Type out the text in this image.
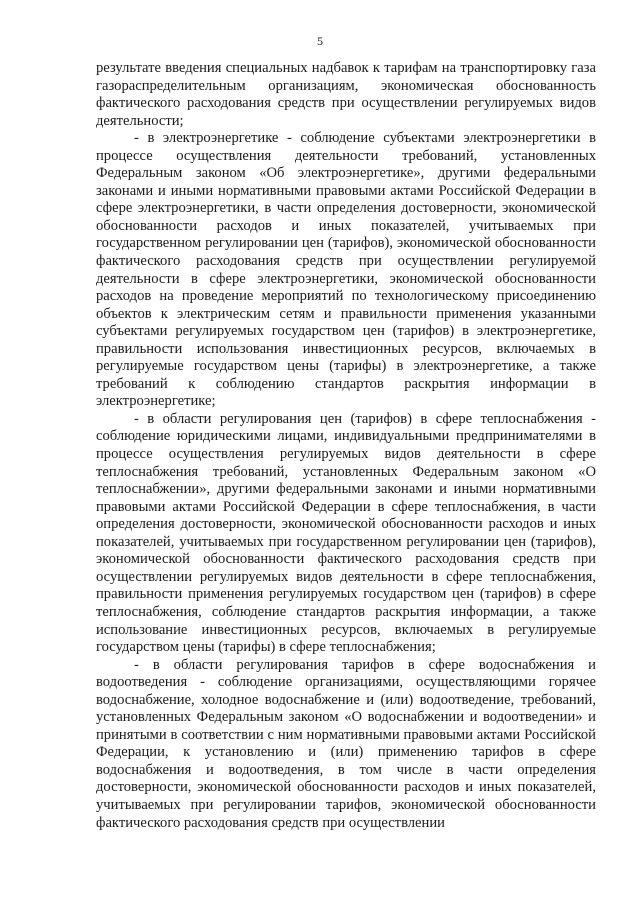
5

результате введения специальных надбавок к тарифам на транспортировку газа газораспределительным организациям, экономическая обоснованность фактического расходования средств при осуществлении регулируемых видов деятельности;

- в электроэнергетике - соблюдение субъектами электроэнергетики в процессе осуществления деятельности требований, установленных Федеральным законом «Об электроэнергетике», другими федеральными законами и иными нормативными правовыми актами Российской Федерации в сфере электроэнергетики, в части определения достоверности, экономической обоснованности расходов и иных показателей, учитываемых при государственном регулировании цен (тарифов), экономической обоснованности фактического расходования средств при осуществлении регулируемой деятельности в сфере электроэнергетики, экономической обоснованности расходов на проведение мероприятий по технологическому присоединению объектов к электрическим сетям и правильности применения указанными субъектами регулируемых государством цен (тарифов) в электроэнергетике, правильности использования инвестиционных ресурсов, включаемых в регулируемые государством цены (тарифы) в электроэнергетике, а также требований к соблюдению стандартов раскрытия информации в электроэнергетике;

- в области регулирования цен (тарифов) в сфере теплоснабжения - соблюдение юридическими лицами, индивидуальными предпринимателями в процессе осуществления регулируемых видов деятельности в сфере теплоснабжения требований, установленных Федеральным законом «О теплоснабжении», другими федеральными законами и иными нормативными правовыми актами Российской Федерации в сфере теплоснабжения, в части определения достоверности, экономической обоснованности расходов и иных показателей, учитываемых при государственном регулировании цен (тарифов), экономической обоснованности фактического расходования средств при осуществлении регулируемых видов деятельности в сфере теплоснабжения, правильности применения регулируемых государством цен (тарифов) в сфере теплоснабжения, соблюдение стандартов раскрытия информации, а также использование инвестиционных ресурсов, включаемых в регулируемые государством цены (тарифы) в сфере теплоснабжения;

- в области регулирования тарифов в сфере водоснабжения и водоотведения - соблюдение организациями, осуществляющими горячее водоснабжение, холодное водоснабжение и (или) водоотведение, требований, установленных Федеральным законом «О водоснабжении и водоотведении» и принятыми в соответствии с ним нормативными правовыми актами Российской Федерации, к установлению и (или) применению тарифов в сфере водоснабжения и водоотведения, в том числе в части определения достоверности, экономической обоснованности расходов и иных показателей, учитываемых при регулировании тарифов, экономической обоснованности фактического расходования средств при осуществлении
